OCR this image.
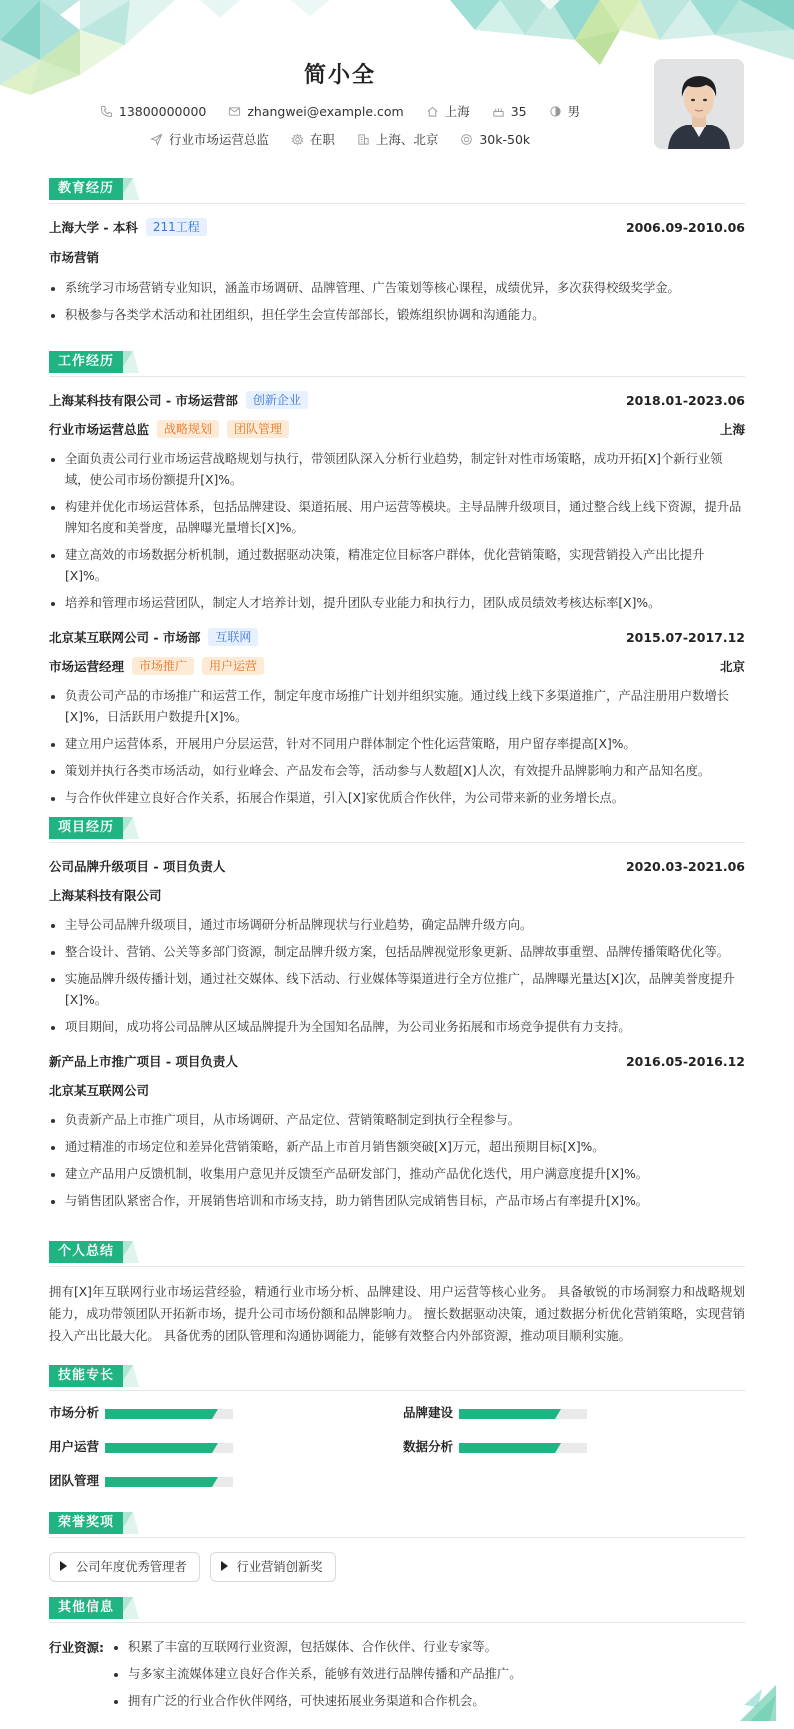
简小全
13800000000	zhangwei@example.com	上海	35	男
行业市场运营总监	在职	上海、北京	30k-50k
教育经历
上海大学 - 本科 211工程	2006.09-2010.06
市场营销
系统学习市场营销专业知识，涵盖市场调研、品牌管理、广告策划等核心课程，成绩优异，多次获得校级奖学金。
积极参与各类学术活动和社团组织，担任学生会宣传部部长，锻炼组织协调和沟通能力。
工作经历
上海某科技有限公司 - 市场运营部 创新企业	2018.01-2023.06
行业市场运营总监 战略规划 团队管理	上海
全面负责公司行业市场运营战略规划与执行，带领团队深入分析行业趋势，制定针对性市场策略，成功开拓[X]个新行业领域，使公司市场份额提升[X]%。
构建并优化市场运营体系，包括品牌建设、渠道拓展、用户运营等模块。主导品牌升级项目，通过整合线上线下资源，提升品牌知名度和美誉度，品牌曝光量增长[X]%。
建立高效的市场数据分析机制，通过数据驱动决策，精准定位目标客户群体，优化营销策略，实现营销投入产出比提升[X]%。
培养和管理市场运营团队，制定人才培养计划，提升团队专业能力和执行力，团队成员绩效考核达标率[X]%。
北京某互联网公司 - 市场部 互联网	2015.07-2017.12
市场运营经理 市场推广 用户运营	北京
负责公司产品的市场推广和运营工作，制定年度市场推广计划并组织实施。通过线上线下多渠道推广，产品注册用户数增长[X]%，日活跃用户数提升[X]%。
建立用户运营体系，开展用户分层运营，针对不同用户群体制定个性化运营策略，用户留存率提高[X]%。
策划并执行各类市场活动，如行业峰会、产品发布会等，活动参与人数超[X]人次，有效提升品牌影响力和产品知名度。
与合作伙伴建立良好合作关系，拓展合作渠道，引入[X]家优质合作伙伴，为公司带来新的业务增长点。
项目经历
公司品牌升级项目 - 项目负责人	2020.03-2021.06
上海某科技有限公司
主导公司品牌升级项目，通过市场调研分析品牌现状与行业趋势，确定品牌升级方向。
整合设计、营销、公关等多部门资源，制定品牌升级方案，包括品牌视觉形象更新、品牌故事重塑、品牌传播策略优化等。
实施品牌升级传播计划，通过社交媒体、线下活动、行业媒体等渠道进行全方位推广，品牌曝光量达[X]次，品牌美誉度提升[X]%。
项目期间，成功将公司品牌从区域品牌提升为全国知名品牌，为公司业务拓展和市场竞争提供有力支持。
新产品上市推广项目 - 项目负责人	2016.05-2016.12
北京某互联网公司
负责新产品上市推广项目，从市场调研、产品定位、营销策略制定到执行全程参与。
通过精准的市场定位和差异化营销策略，新产品上市首月销售额突破[X]万元，超出预期目标[X]%。
建立产品用户反馈机制，收集用户意见并反馈至产品研发部门，推动产品优化迭代，用户满意度提升[X]%。
与销售团队紧密合作，开展销售培训和市场支持，助力销售团队完成销售目标，产品市场占有率提升[X]%。
个人总结
拥有[X]年互联网行业市场运营经验，精通行业市场分析、品牌建设、用户运营等核心业务。 具备敏锐的市场洞察力和战略规划能力，成功带领团队开拓新市场，提升公司市场份额和品牌影响力。 擅长数据驱动决策，通过数据分析优化营销策略，实现营销投入产出比最大化。 具备优秀的团队管理和沟通协调能力，能够有效整合内外部资源，推动项目顺利实施。
技能专长
市场分析	品牌建设
用户运营	数据分析
团队管理
荣誉奖项
公司年度优秀管理者	行业营销创新奖
其他信息
行业资源:	积累了丰富的互联网行业资源，包括媒体、合作伙伴、行业专家等。
与多家主流媒体建立良好合作关系，能够有效进行品牌传播和产品推广。
拥有广泛的行业合作伙伴网络，可快速拓展业务渠道和合作机会。
